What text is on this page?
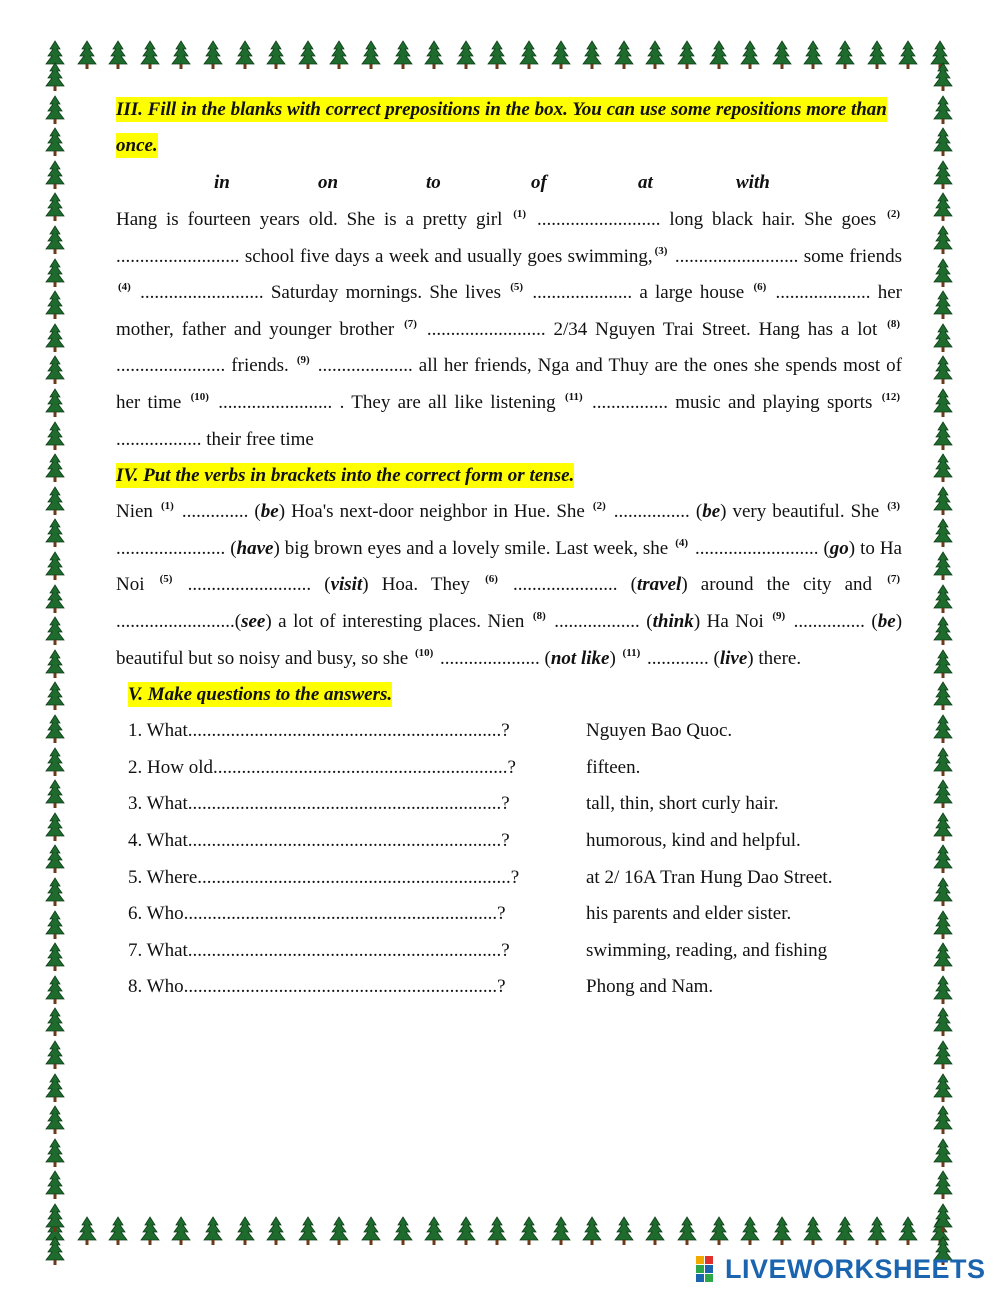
III. Fill in the blanks with correct prepositions in the box. You can use some repositions more than once.
in	on	to	of	at	with

Hang is fourteen years old. She is a pretty girl $^{(1)}$ .......................... long black hair. She goes $^{(2)}$ .......................... school five days a week and usually goes swimming, $^{(3)}$ .......................... some friends $^{(4)}$ .......................... Saturday mornings. She lives $^{(5)}$ ..................... a large house $^{(6)}$ .................... her mother, father and younger brother $^{(7)}$ ......................... 2/34 Nguyen Trai Street. Hang has a lot $^{(8)}$ ....................... friends. $^{(9)}$ .................... all her friends, Nga and Thuy are the ones she spends most of her time $^{(10)}$ ........................ . They are all like listening $^{(11)}$ ................ music and playing sports $^{(12)}$ .................. their free time

IV. Put the verbs in brackets into the correct form or tense.

Nien $^{(1)}$ .............. (be) Hoa's next-door neighbor in Hue. She $^{(2)}$ ................ (be) very beautiful. She $^{(3)}$ ....................... (have) big brown eyes and a lovely smile. Last week, she $^{(4)}$ .......................... (go) to Ha Noi $^{(5)}$ .......................... (visit) Hoa. They $^{(6)}$ ...................... (travel) around the city and $^{(7)}$ .........................(see) a lot of interesting places. Nien $^{(8)}$ .................. (think) Ha Noi $^{(9)}$ ............... (be) beautiful but so noisy and busy, so she $^{(10)}$ ..................... (not like) $^{(11)}$ ............. (live) there.

V. Make questions to the answers.
1. What..................................................................?	Nguyen Bao Quoc.
2. How old..............................................................?	fifteen.
3. What..................................................................?	tall, thin, short curly hair.
4. What..................................................................?	humorous, kind and helpful.
5. Where..................................................................?	at 2/ 16A Tran Hung Dao Street.
6. Who..................................................................?	his parents and elder sister.
7. What..................................................................?	swimming, reading, and fishing
8. Who..................................................................?	Phong and Nam.
LIVEWORKSHEETS
